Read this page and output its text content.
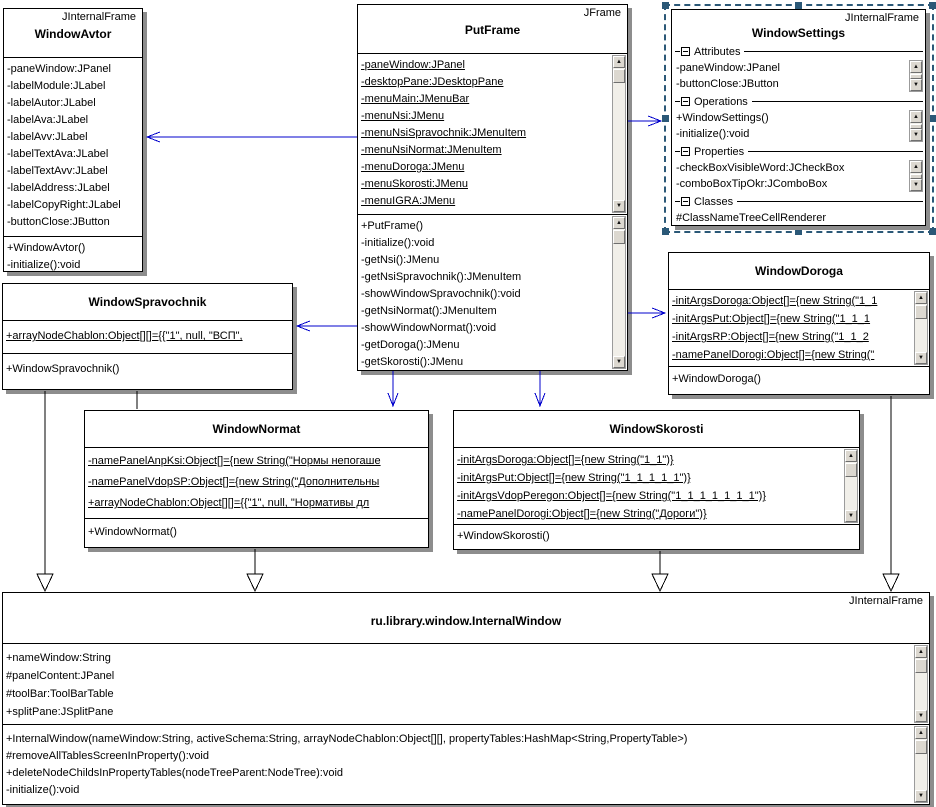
JInternalFrame
WindowAvtor
-paneWindow:JPanel
-labelModule:JLabel
-labelAutor:JLabel
-labelAva:JLabel
-labelAvv:JLabel
-labelTextAva:JLabel
-labelTextAvv:JLabel
-labelAddress:JLabel
-labelCopyRight:JLabel
-buttonClose:JButton
+WindowAvtor()
-initialize():void
JFrame
PutFrame
-paneWindow:JPanel
-desktopPane:JDesktopPane
-menuMain:JMenuBar
-menuNsi:JMenu
-menuNsiSpravochnik:JMenuItem
-menuNsiNormat:JMenuItem
-menuDoroga:JMenu
-menuSkorosti:JMenu
-menuIGRA:JMenu
▲
▼
+PutFrame()
-initialize():void
-getNsi():JMenu
-getNsiSpravochnik():JMenuItem
-showWindowSpravochnik():void
-getNsiNormat():JMenuItem
-showWindowNormat():void
-getDoroga():JMenu
-getSkorosti():JMenu
▲
▼
JInternalFrame
WindowSettings
Attributes
▲
▼
-paneWindow:JPanel
-buttonClose:JButton
Operations
▲
▼
+WindowSettings()
-initialize():void
Properties
▲
▼
-checkBoxVisibleWord:JCheckBox
-comboBoxTipOkr:JComboBox
Classes
#ClassNameTreeCellRenderer
WindowSpravochnik
+arrayNodeChablon:Object[][]={{"1", null, "ВСП",
+WindowSpravochnik()
WindowDoroga
-initArgsDoroga:Object[]={new String("1_1
-initArgsPut:Object[]={new String("1_1_1
-initArgsRP:Object[]={new String("1_1_2
-namePanelDorogi:Object[]={new String("
▲
▼
+WindowDoroga()
WindowNormat
-namePanelAnpKsi:Object[]={new String("Нормы непогаше
-namePanelVdopSP:Object[]={new String("Дополнительны
+arrayNodeChablon:Object[][]={{"1", null, "Нормативы дл
+WindowNormat()
WindowSkorosti
-initArgsDoroga:Object[]={new String("1_1")}
-initArgsPut:Object[]={new String("1_1_1_1_1")}
-initArgsVdopPeregon:Object[]={new String("1_1_1_1_1_1_1")}
-namePanelDorogi:Object[]={new String("Дороги")}
▲
▼
+WindowSkorosti()
JInternalFrame
ru.library.window.InternalWindow
+nameWindow:String
#panelContent:JPanel
#toolBar:ToolBarTable
+splitPane:JSplitPane
▲
▼
+InternalWindow(nameWindow:String, activeSchema:String, arrayNodeChablon:Object[][], propertyTables:HashMap<String,PropertyTable>)
#removeAllTablesScreenInProperty():void
+deleteNodeChildsInPropertyTables(nodeTreeParent:NodeTree):void
-initialize():void
▲
▼
